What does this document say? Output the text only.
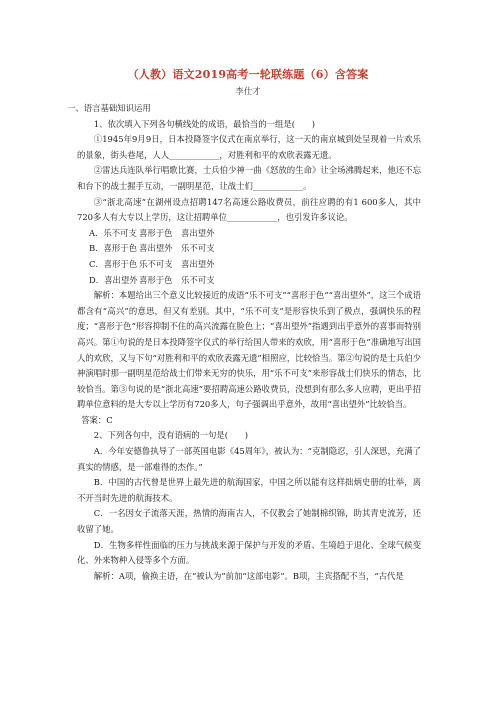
（人教）语文2019高考一轮联练题（6）含答案
李仕才

一、语言基础知识运用

1、依次填入下列各句横线处的成语，最恰当的一组是(　　)

①1945年9月9日，日本投降签字仪式在南京举行，这一天的南京城到处呈现着一片欢乐的景象，街头巷尾，人人____________，对胜利和平的欢欣表露无遗。

②雷达兵连队举行唱歌比赛，士兵伯少神一曲《怒放的生命》让全场沸腾起来，他还不忘和台下的战士握手互动，一副明星范，让战士们____________。

③“浙北高速”在湖州设点招聘147名高速公路收费员，前往应聘的有1 600多人，其中720多人有大专以上学历，这让招聘单位____________，也引发许多议论。

A．乐不可支 喜形于色 喜出望外

B．喜形于色 喜出望外 乐不可支

C．喜形于色 乐不可支 喜出望外

D．喜出望外喜形于色 乐不可支

解析：本题给出三个意义比较接近的成语“乐不可支”“喜形于色”“喜出望外”，这三个成语都含有“高兴”的意思，但又有差别。其中，“乐不可支”是形容快乐到了极点，强调快乐的程度；“喜形于色”形容抑制不住的高兴流露在脸色上；“喜出望外”指遇到出乎意外的喜事而特别高兴。第①句说的是日本投降签字仪式的举行给国人带来的欢欣，用“喜形于色”准确地写出国人的欢欣，又与下句“对胜利和平的欢欣表露无遗”相照应，比较恰当。第②句说的是士兵伯少神演唱时那一副明星范给战士们带来无穷的快乐，用“乐不可支”来形容战士们快乐的情态，比较恰当。第③句说的是“浙北高速”要招聘高速公路收费员，没想到有那么多人应聘，更出乎招聘单位意料的是大专以上学历有720多人，句子强调出乎意外，故用“喜出望外”比较恰当。

答案：C

2、下列各句中，没有语病的一句是(　　)

A．今年安德鲁执导了一部英国电影《45周年》，被认为：“克制隐忍，引人深思，充满了真实的情感，是一部难得的杰作。”

B．中国的古代曾是世界上最先进的航海国家，中国之所以能有这样拙炳史册的壮举，离不开当时先进的航海技术。

C．一名因女子流落天涯，热情的海南古人，不仅教会了她制棉织锦，助其青史流芳，还收留了她。

D．生物多样性面临的压力与挑战来源于保护与开发的矛盾、生境趋于退化、全球气候变化、外来物种入侵等多个方面。

解析：A项，偷换主语，在“被认为”前加“这部电影”。B项，主宾搭配不当，“古代是
